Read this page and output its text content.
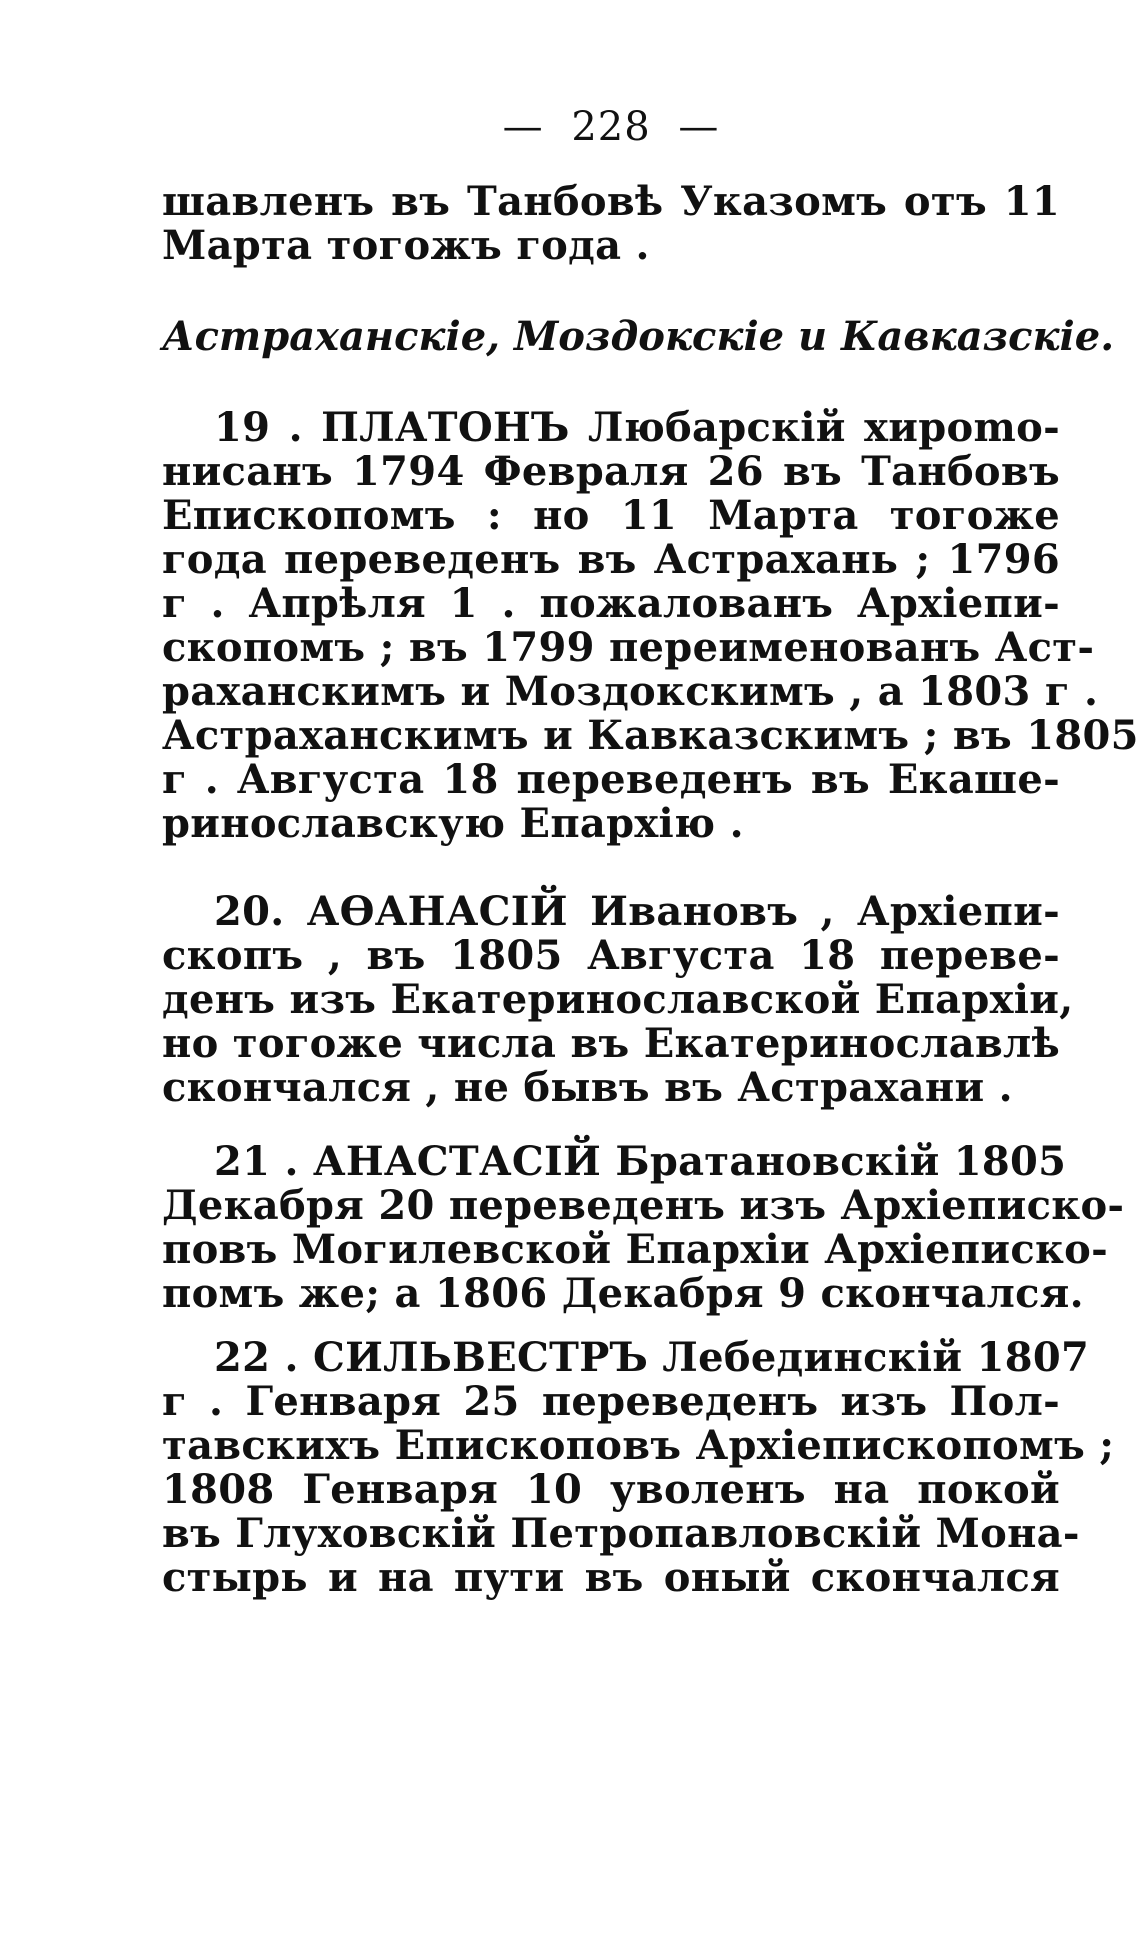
— 228 —
шавленъ въ Танбовѣ Указомъ отъ 11
Марта тогожъ года .
Астраханскіе, Моздокскіе и Кавказскіе.
19 . ПЛАТОНЪ Любарскій хироmо-
нисанъ 1794 Февраля 26 въ Танбовъ
Епископомъ : но 11 Марта тогоже
года переведенъ въ Астрахань ; 1796
г . Апрѣля 1 . пожалованъ Архіепи-
скопомъ ; въ 1799 переименованъ Аст-
раханскимъ и Моздокскимъ , а 1803 г .
Астраханскимъ и Кавказскимъ ; въ 1805
г . Августа 18 переведенъ въ Екаше-
ринославскую Епархію .
20. АѲАНАСІЙ Ивановъ , Архіепи-
скопъ , въ 1805 Августа 18 переве-
денъ изъ Екатеринославской Епархіи,
но тогоже числа въ Екатеринославлѣ
скончался , не бывъ въ Астрахани .
21 . АНАСТАСІЙ Братановскій 1805
Декабря 20 переведенъ изъ Архіеписко-
повъ Могилевской Епархіи Архіеписко-
помъ же; а 1806 Декабря 9 скончался.
22 . СИЛЬВЕСТРЪ Лебединскій 1807
г . Генваря 25 переведенъ изъ Пол-
тавскихъ Епископовъ Архіепископомъ ;
1808 Генваря 10 уволенъ на покой
въ Глуховскій Петропавловскій Мона-
стырь и на пути въ оный скончался
